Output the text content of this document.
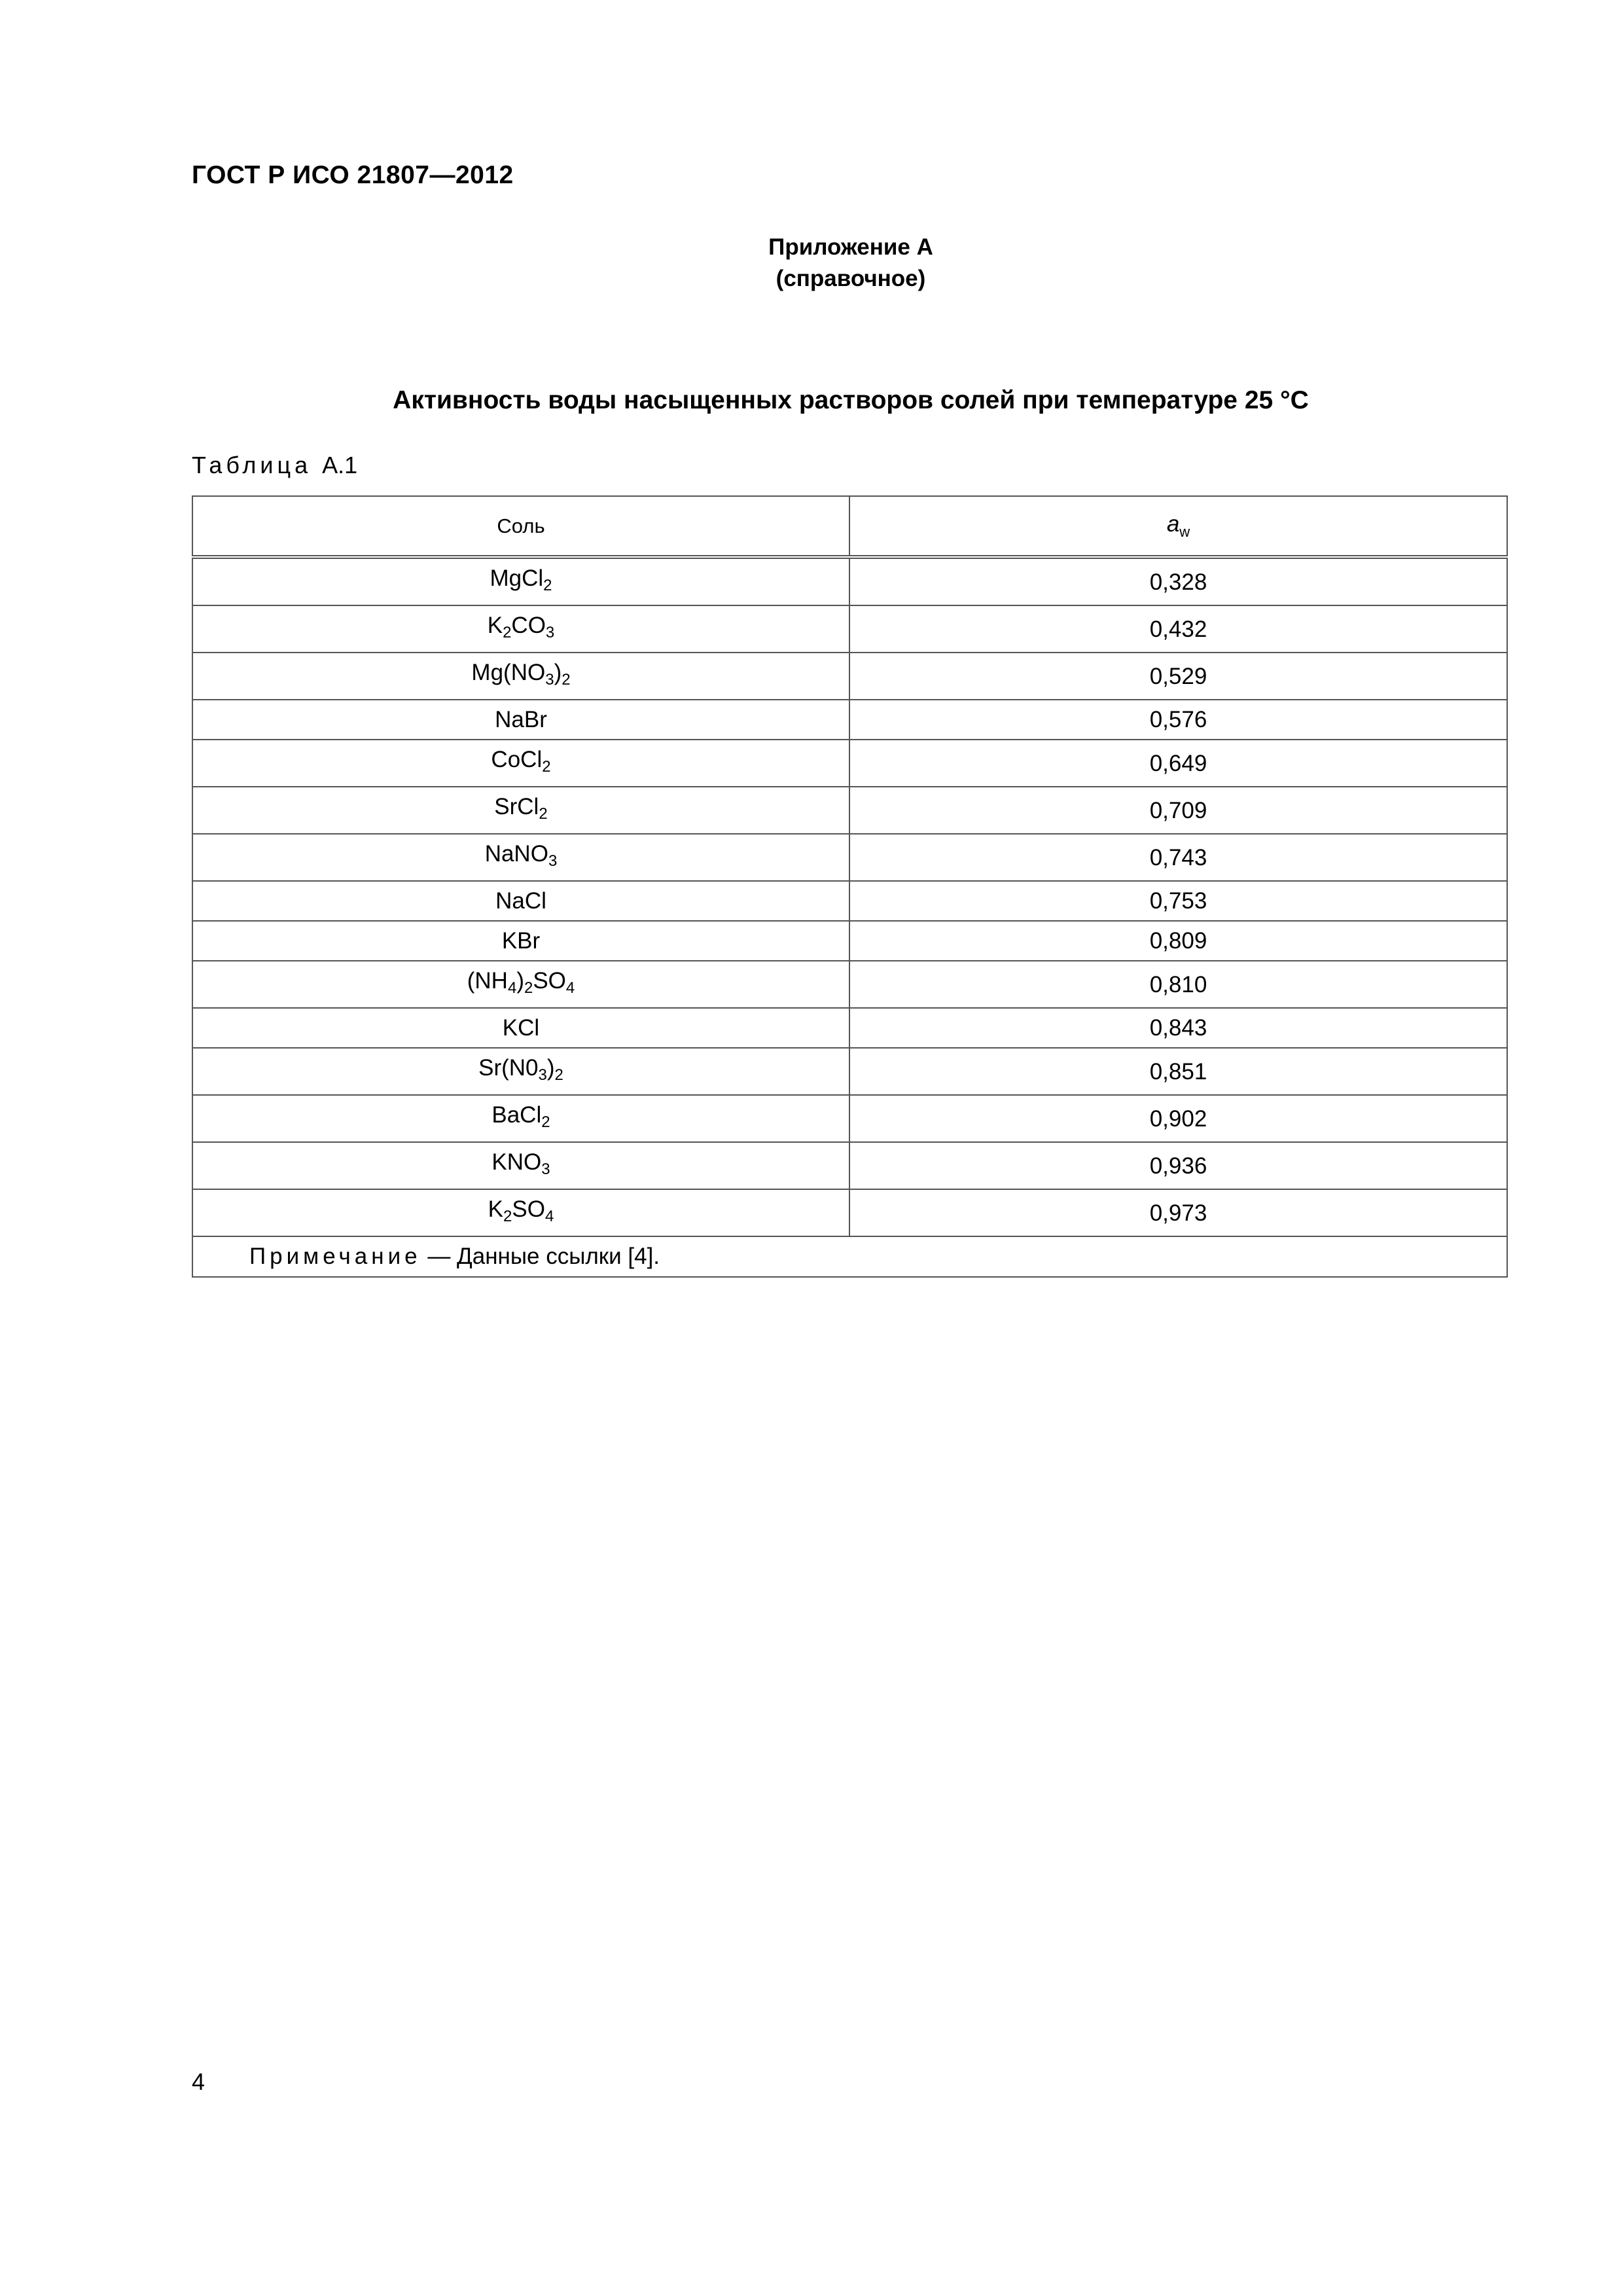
ГОСТ Р ИСО 21807—2012
Приложение А
(справочное)
Активность воды насыщенных растворов солей при температуре 25 °С
Таблица А.1
Соль	$a_w$
MgCl$_2$	0,328
$K_2CO_3$	0,432
$Mg(NO_3)_2$	0,529
NaBr	0,576
CoCl$_2$	0,649
SrCl$_2$	0,709
NaNO$_3$	0,743
NaCl	0,753
KBr	0,809
$(NH_4)_2SO_4$	0,810
KCl	0,843
$Sr(N0_3)_2$	0,851
BaCl$_2$	0,902
$KNO_3$	0,936
$K_2SO_4$	0,973
Примечание — Данные ссылки [4].	
4
